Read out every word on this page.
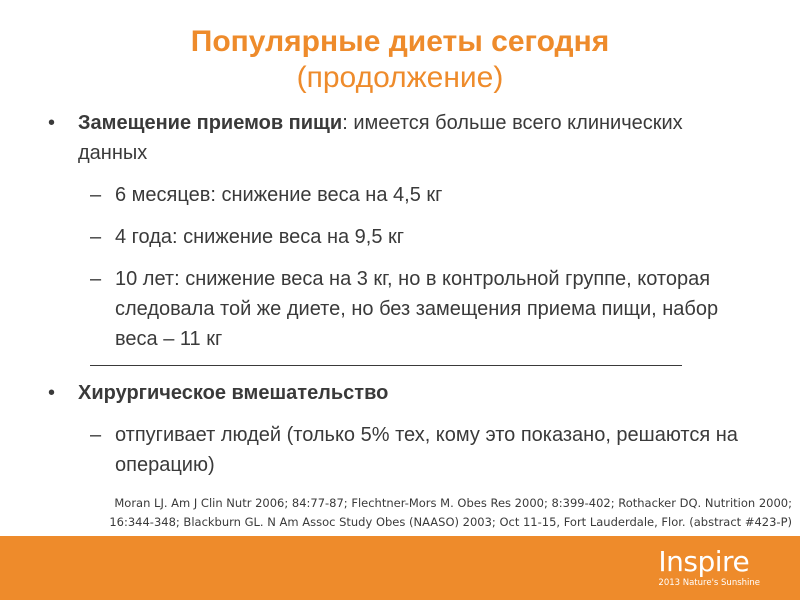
Популярные диеты сегодня
(продолжение)
• Замещение приемов пищи: имеется больше всего клинических данных
– 6 месяцев: снижение веса на 4,5 кг
– 4 года: снижение веса на 9,5 кг
– 10 лет: снижение веса на 3 кг, но в контрольной группе, которая следовала той же диете, но без замещения приема пищи, набор веса – 11 кг
• Хирургическое вмешательство
– отпугивает людей (только 5% тех, кому это показано, решаются на операцию)
Moran LJ. Am J Clin Nutr 2006; 84:77-87; Flechtner-Mors M. Obes Res 2000; 8:399-402; Rothacker DQ. Nutrition 2000;
16:344-348; Blackburn GL. N Am Assoc Study Obes (NAASO) 2003; Oct 11-15, Fort Lauderdale, Flor. (abstract #423-P)
Inspire
2013 Nature's Sunshine
